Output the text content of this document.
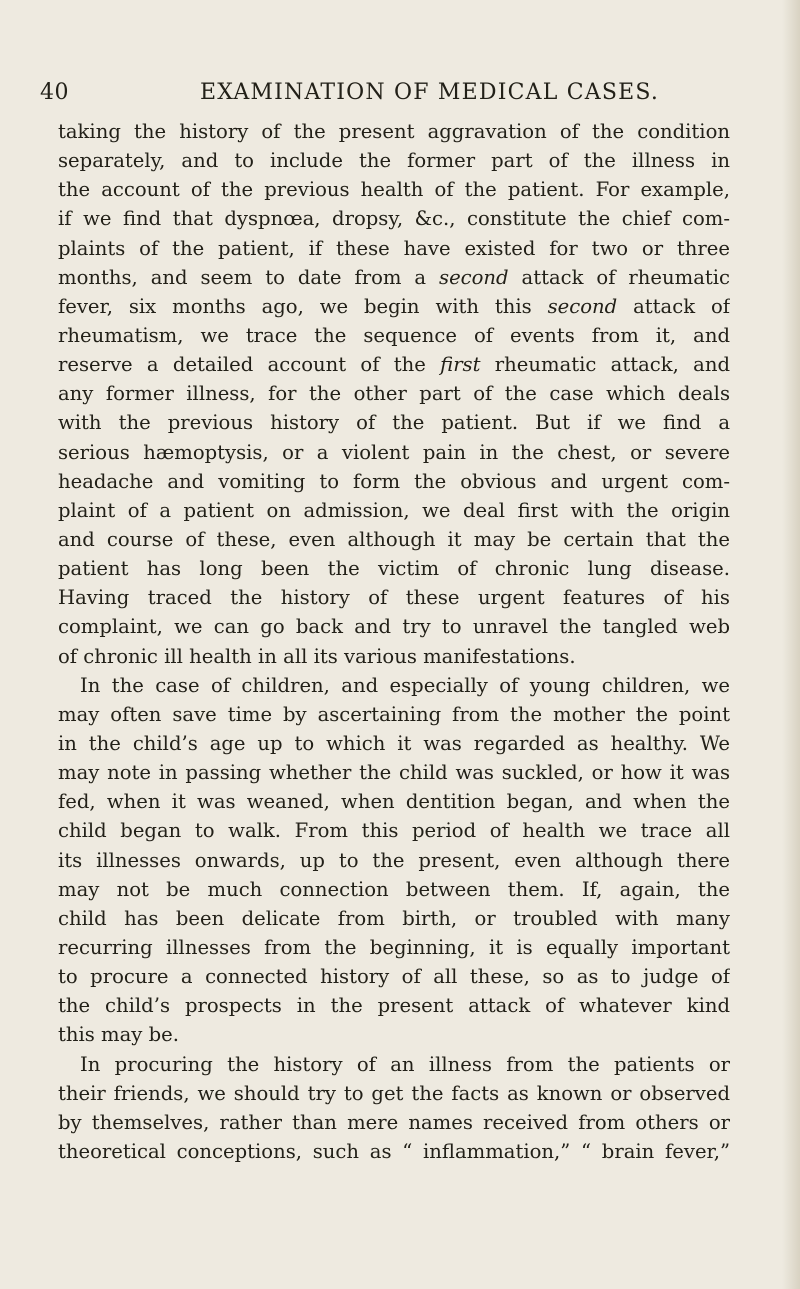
40	EXAMINATION OF MEDICAL CASES.
taking the history of the present aggravation of the condition
separately, and to include the former part of the illness in
the account of the previous health of the patient. For example,
if we find that dyspnœa, dropsy, &c., constitute the chief com-
plaints of the patient, if these have existed for two or three
months, and seem to date from a second attack of rheumatic
fever, six months ago, we begin with this second attack of
rheumatism, we trace the sequence of events from it, and
reserve a detailed account of the first rheumatic attack, and
any former illness, for the other part of the case which deals
with the previous history of the patient. But if we find a
serious hæmoptysis, or a violent pain in the chest, or severe
headache and vomiting to form the obvious and urgent com-
plaint of a patient on admission, we deal first with the origin
and course of these, even although it may be certain that the
patient has long been the victim of chronic lung disease.
Having traced the history of these urgent features of his
complaint, we can go back and try to unravel the tangled web
of chronic ill health in all its various manifestations.
In the case of children, and especially of young children, we
may often save time by ascertaining from the mother the point
in the child’s age up to which it was regarded as healthy. We
may note in passing whether the child was suckled, or how it was
fed, when it was weaned, when dentition began, and when the
child began to walk. From this period of health we trace all
its illnesses onwards, up to the present, even although there
may not be much connection between them. If, again, the
child has been delicate from birth, or troubled with many
recurring illnesses from the beginning, it is equally important
to procure a connected history of all these, so as to judge of
the child’s prospects in the present attack of whatever kind
this may be.
In procuring the history of an illness from the patients or
their friends, we should try to get the facts as known or observed
by themselves, rather than mere names received from others or
theoretical conceptions, such as “ inflammation,” “ brain fever,”
